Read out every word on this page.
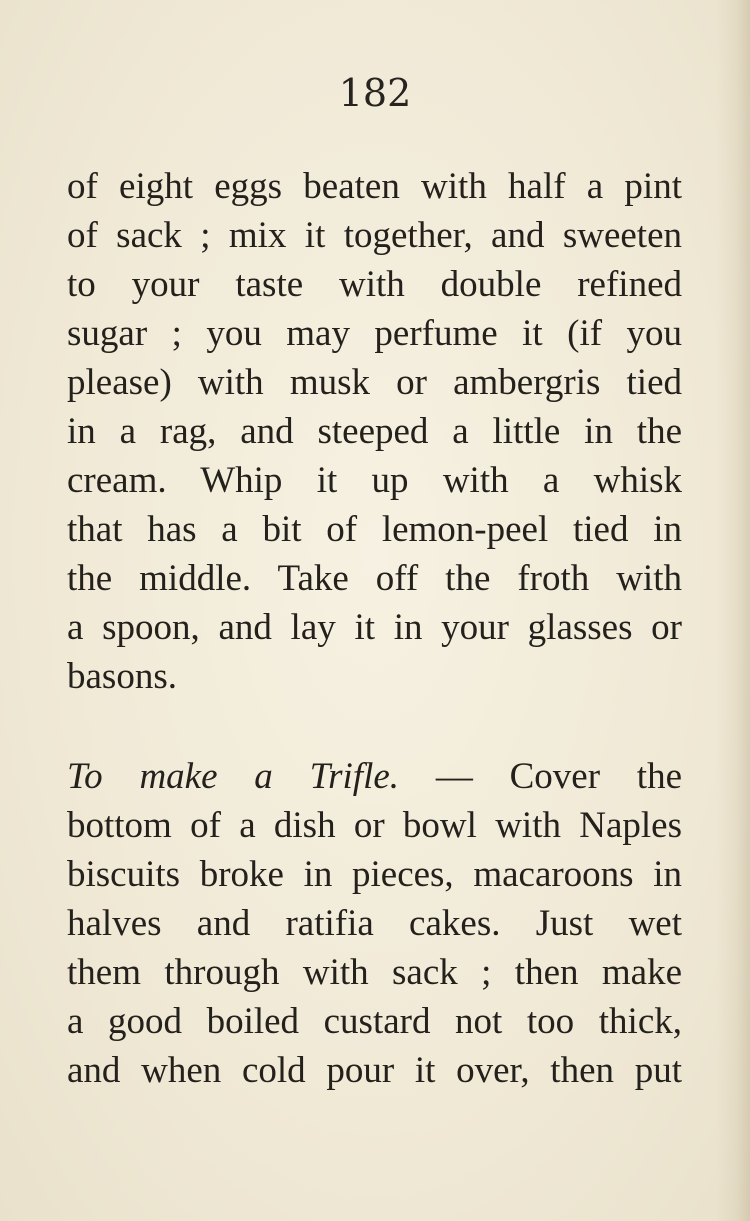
182
of eight eggs beaten with half a pint
of sack ; mix it together, and sweeten
to your taste with double refined
sugar ; you may perfume it (if you
please) with musk or ambergris tied
in a rag, and steeped a little in the
cream. Whip it up with a whisk
that has a bit of lemon-peel tied in
the middle. Take off the froth with
a spoon, and lay it in your glasses or
basons.
To make a Trifle. — Cover the
bottom of a dish or bowl with Naples
biscuits broke in pieces, macaroons in
halves and ratifia cakes. Just wet
them through with sack ; then make
a good boiled custard not too thick,
and when cold pour it over, then put
